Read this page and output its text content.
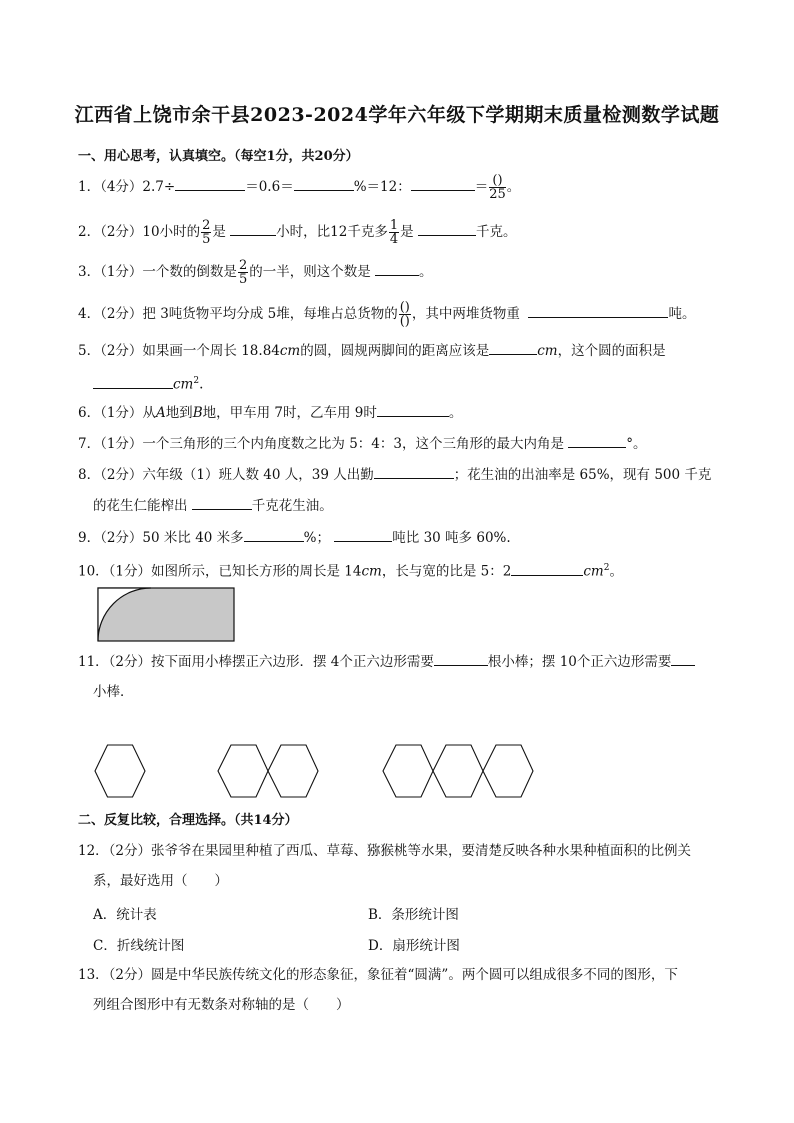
江西省上饶市余干县2023-2024学年六年级下学期期末质量检测数学试题
一、用心思考，认真填空。（每空1分，共20分）
1．（4分）2.7÷	＝0.6＝	%＝12：	＝ $\frac{()}{25}$ 。
2．（2分）10小时的 $\frac{2}{5}$ 是	小时，比12千克多 $\frac{1}{4}$ 是	千克。
3．（1分）一个数的倒数是 $\frac{2}{5}$ 的一半，则这个数是	。
4．（2分）把 3吨货物平均分成 5堆，每堆占总货物的 $\frac{()}{()}$ ，其中两堆货物重	吨。
5．（2分）如果画一个周长 18.84cm的圆，圆规两脚间的距离应该是	cm，这个圆的面积是
$cm^2$.
6．（1分）从A地到B地，甲车用 7时，乙车用 9时	。
7．（1分）一个三角形的三个内角度数之比为 5：4：3，这个三角形的最大内角是	°。
8．（2分）六年级（1）班人数 40 人，39 人出勤	；花生油的出油率是 65%，现有 500 千克
的花生仁能榨出	千克花生油。
9．（2分）50 米比 40 米多	%；	吨比 30 吨多 60%.
10．（1分）如图所示，已知长方形的周长是 14cm，长与宽的比是 5：2	$cm^2$。
11．（2分）按下面用小棒摆正六边形．摆 4个正六边形需要	根小棒；摆 10个正六边形需要
小棒．
二、反复比较，合理选择。（共14分）
12．（2分）张爷爷在果园里种植了西瓜、草莓、猕猴桃等水果，要清楚反映各种水果种植面积的比例关
系，最好选用（　　）
A．统计表	B．条形统计图
C．折线统计图	D．扇形统计图
13．（2分）圆是中华民族传统文化的形态象征，象征着“圆满”。两个圆可以组成很多不同的图形，下
列组合图形中有无数条对称轴的是（　　）
